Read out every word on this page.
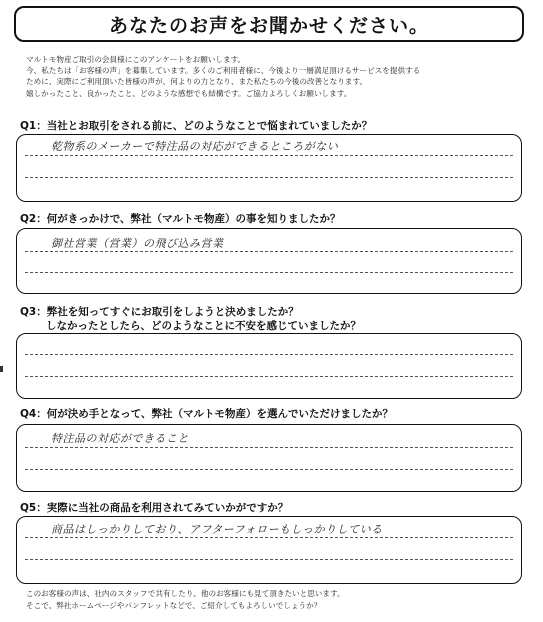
あなたのお声をお聞かせください。
マルトモ物産ご取引の会員様にこのアンケートをお願いします。
今、私たちは「お客様の声」を募集しています。多くのご利用者様に、今後より一層満足頂けるサービスを提供する
ために、実際にご利用頂いた皆様の声が、何よりの力となり、また私たちの今後の改善となります。
嬉しかったこと、良かったこと、どのような感想でも結構です。ご協力よろしくお願いします。
Q1：当社とお取引をされる前に、どのようなことで悩まれていましたか？
乾物系のメーカーで特注品の対応ができるところがない
Q2：何がきっかけで、弊社（マルトモ物産）の事を知りましたか？
御社営業（営業）の飛び込み営業
Q3：弊社を知ってすぐにお取引をしようと決めましたか？
しなかったとしたら、どのようなことに不安を感じていましたか？
Q4：何が決め手となって、弊社（マルトモ物産）を選んでいただけましたか？
特注品の対応ができること
Q5：実際に当社の商品を利用されてみていかがですか？
商品はしっかりしており、アフターフォローもしっかりしている
このお客様の声は、社内のスタッフで共有したり、他のお客様にも見て頂きたいと思います。
そこで、弊社ホームページやパンフレットなどで、ご紹介してもよろしいでしょうか？
